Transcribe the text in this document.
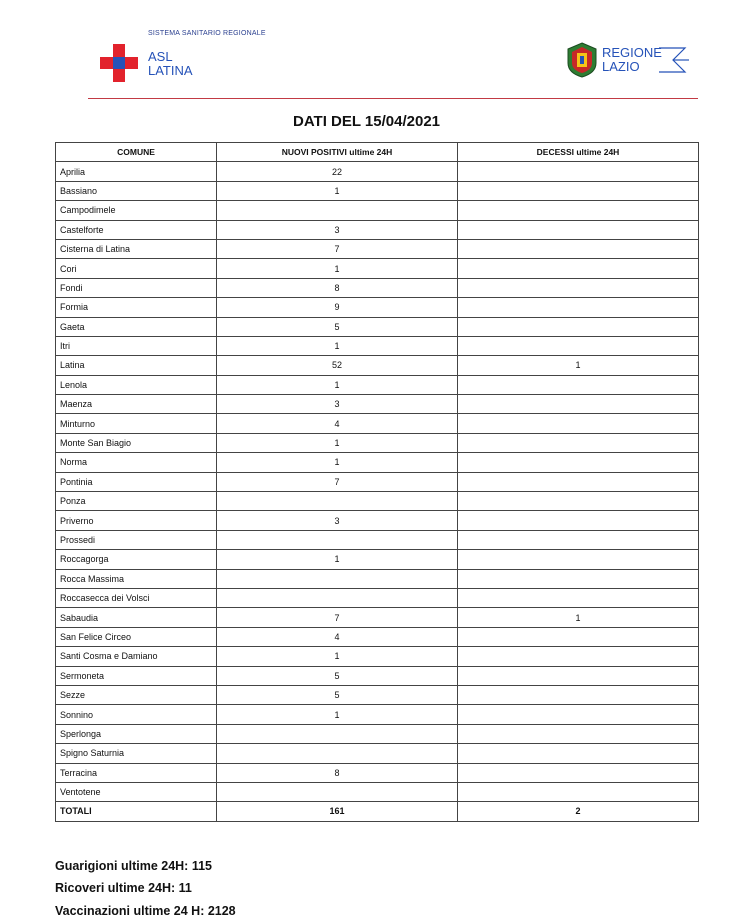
SISTEMA SANITARIO REGIONALE
ASL
LATINA
REGIONE
LAZIO
DATI DEL 15/04/2021
COMUNE	NUOVI POSITIVI ultime 24H	DECESSI ultime 24H
Aprilia	22	
Bassiano	1	
Campodimele		
Castelforte	3	
Cisterna di Latina	7	
Cori	1	
Fondi	8	
Formia	9	
Gaeta	5	
Itri	1	
Latina	52	1
Lenola	1	
Maenza	3	
Minturno	4	
Monte San Biagio	1	
Norma	1	
Pontinia	7	
Ponza		
Priverno	3	
Prossedi		
Roccagorga	1	
Rocca Massima		
Roccasecca dei Volsci		
Sabaudia	7	1
San Felice Circeo	4	
Santi Cosma e Damiano	1	
Sermoneta	5	
Sezze	5	
Sonnino	1	
Sperlonga		
Spigno Saturnia		
Terracina	8	
Ventotene		
TOTALI	161	2
Guarigioni ultime 24H: 115
Ricoveri ultime 24H: 11
Vaccinazioni ultime 24 H: 2128
